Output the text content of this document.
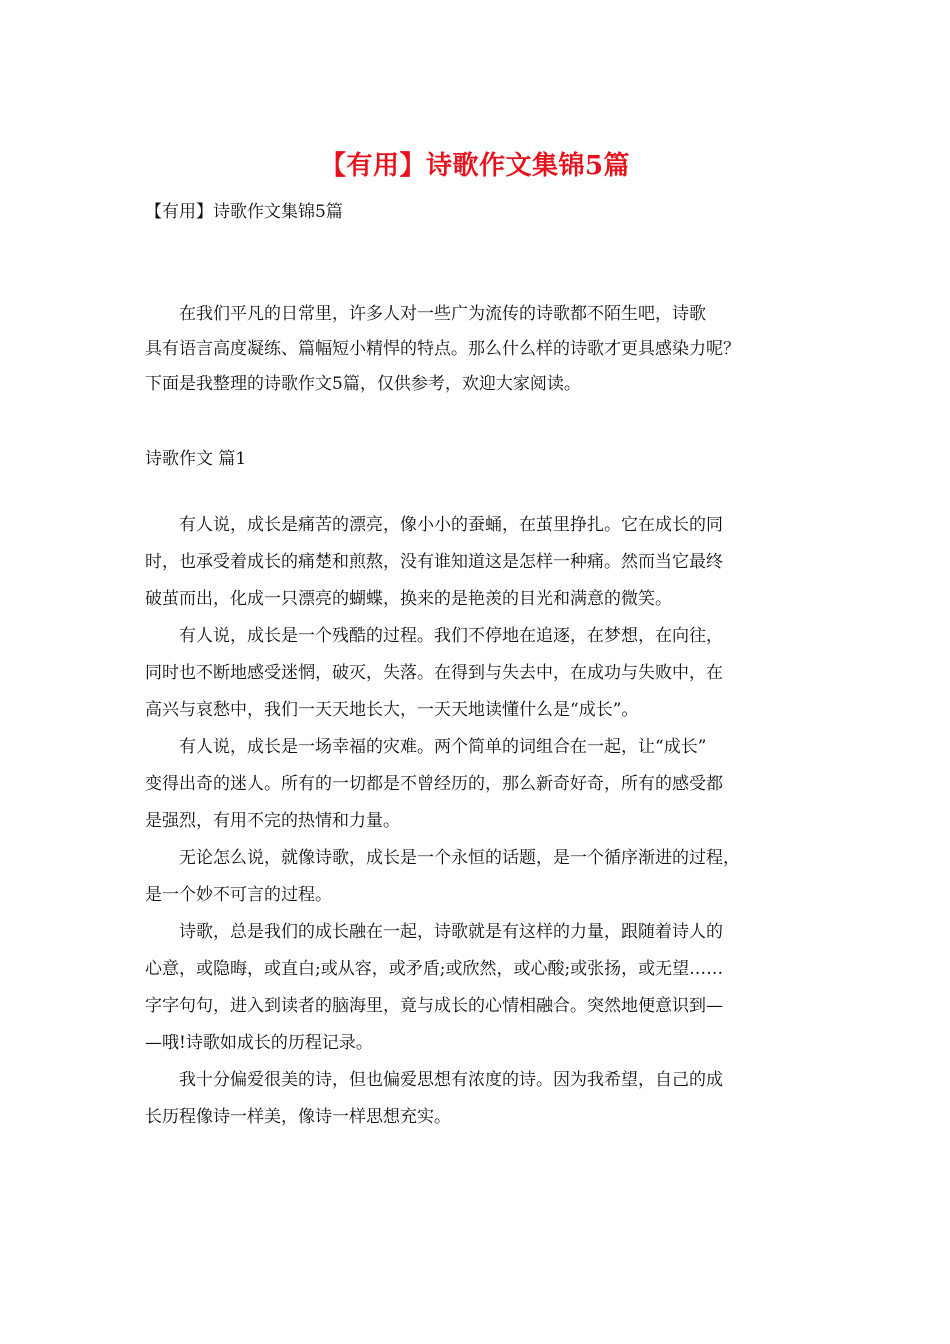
【有用】诗歌作文集锦5篇
【有用】诗歌作文集锦5篇
　　在我们平凡的日常里，许多人对一些广为流传的诗歌都不陌生吧，诗歌
具有语言高度凝练、篇幅短小精悍的特点。那么什么样的诗歌才更具感染力呢？
下面是我整理的诗歌作文5篇，仅供参考，欢迎大家阅读。
诗歌作文 篇1
　　有人说，成长是痛苦的漂亮，像小小的蚕蛹，在茧里挣扎。它在成长的同
时，也承受着成长的痛楚和煎熬，没有谁知道这是怎样一种痛。然而当它最终
破茧而出，化成一只漂亮的蝴蝶，换来的是艳羡的目光和满意的微笑。
　　有人说，成长是一个残酷的过程。我们不停地在追逐，在梦想，在向往，
同时也不断地感受迷惘，破灭，失落。在得到与失去中，在成功与失败中，在
高兴与哀愁中，我们一天天地长大，一天天地读懂什么是“成长”。
　　有人说，成长是一场幸福的灾难。两个简单的词组合在一起，让“成长”
变得出奇的迷人。所有的一切都是不曾经历的，那么新奇好奇，所有的感受都
是强烈，有用不完的热情和力量。
　　无论怎么说，就像诗歌，成长是一个永恒的话题，是一个循序渐进的过程，
是一个妙不可言的过程。
　　诗歌，总是我们的成长融在一起，诗歌就是有这样的力量，跟随着诗人的
心意，或隐晦，或直白;或从容，或矛盾;或欣然，或心酸;或张扬，或无望……
字字句句，进入到读者的脑海里，竟与成长的心情相融合。突然地便意识到—
—哦!诗歌如成长的历程记录。
　　我十分偏爱很美的诗，但也偏爱思想有浓度的诗。因为我希望，自己的成
长历程像诗一样美，像诗一样思想充实。
